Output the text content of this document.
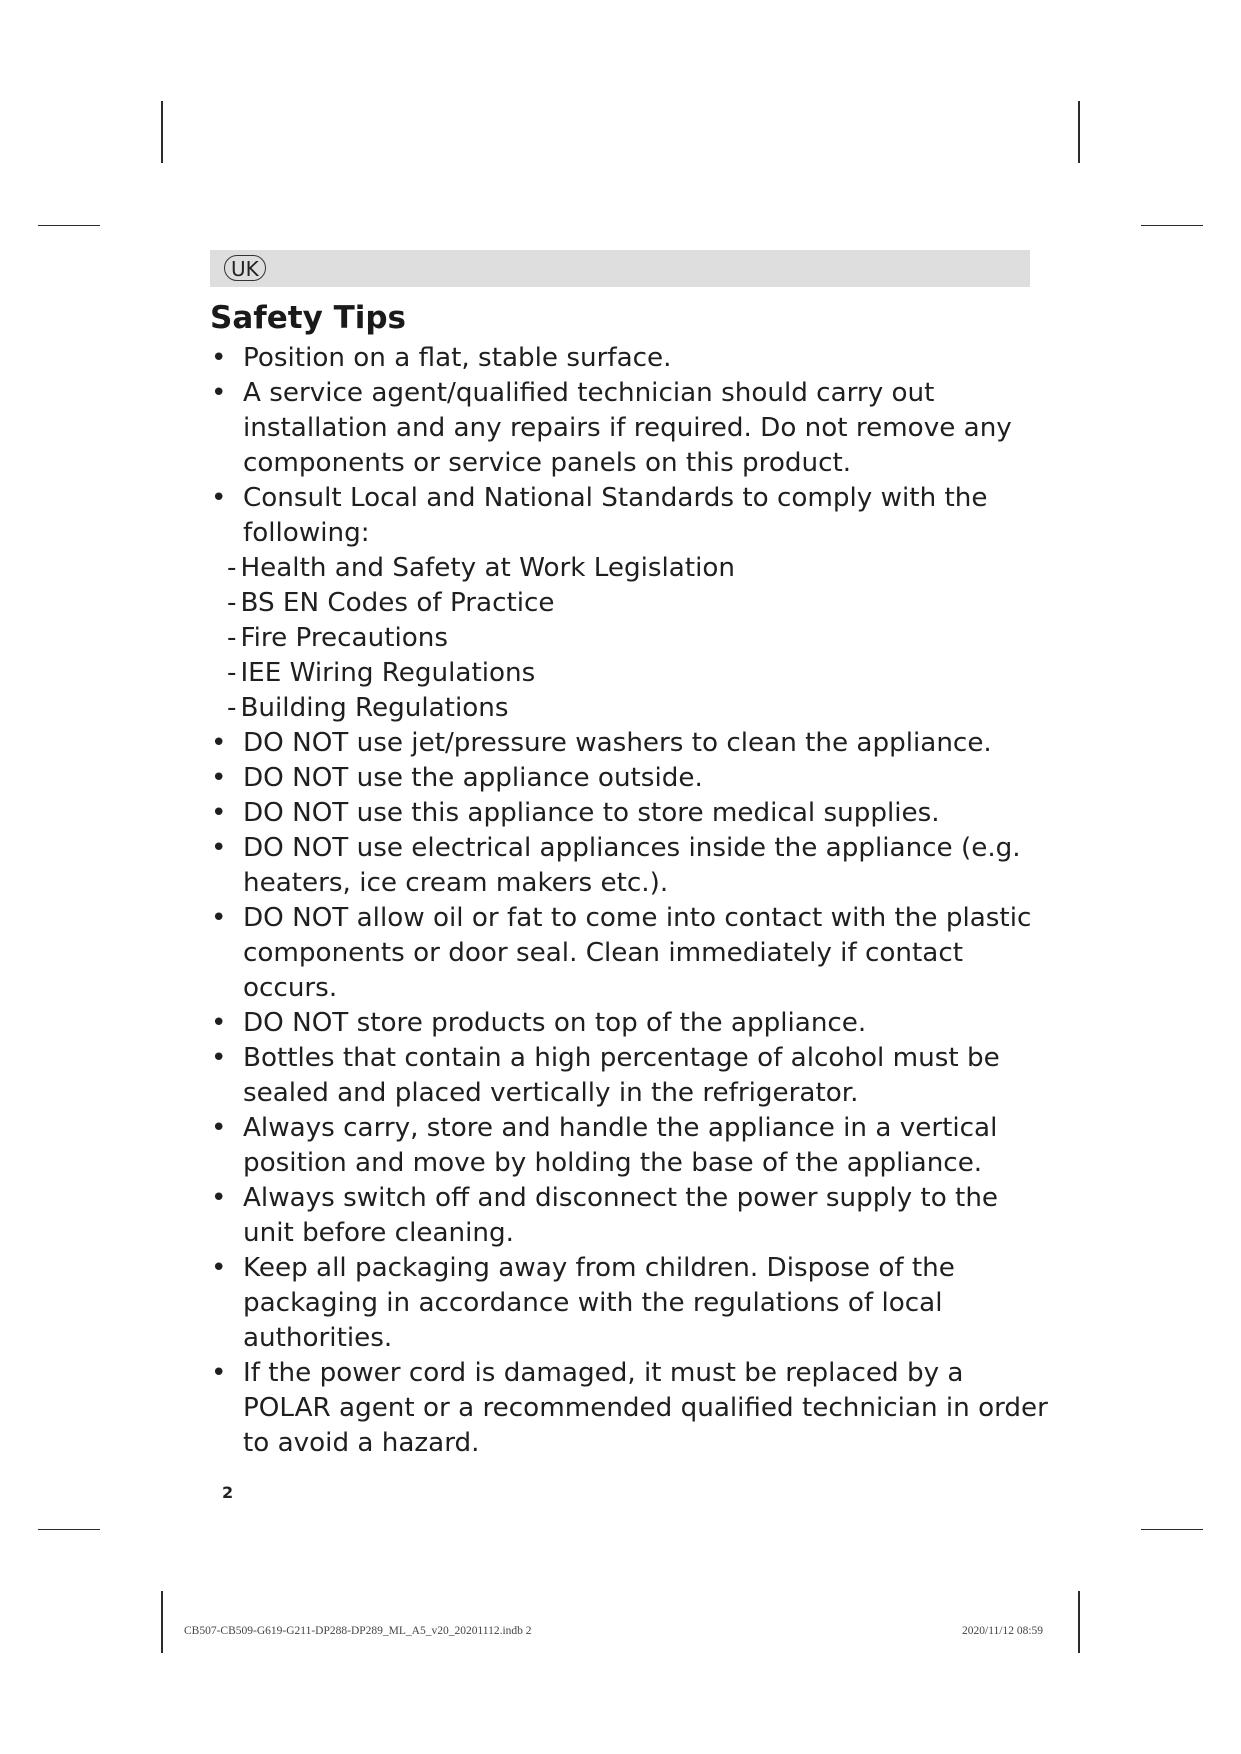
UK
Safety Tips
• Position on a flat, stable surface.
• A service agent/qualified technician should carry out installation and any repairs if required. Do not remove any components or service panels on this product.
• Consult Local and National Standards to comply with the following:
- Health and Safety at Work Legislation
- BS EN Codes of Practice
- Fire Precautions
- IEE Wiring Regulations
- Building Regulations
• DO NOT use jet/pressure washers to clean the appliance.
• DO NOT use the appliance outside.
• DO NOT use this appliance to store medical supplies.
• DO NOT use electrical appliances inside the appliance (e.g. heaters, ice cream makers etc.).
• DO NOT allow oil or fat to come into contact with the plastic components or door seal. Clean immediately if contact occurs.
• DO NOT store products on top of the appliance.
• Bottles that contain a high percentage of alcohol must be sealed and placed vertically in the refrigerator.
• Always carry, store and handle the appliance in a vertical position and move by holding the base of the appliance.
• Always switch off and disconnect the power supply to the unit before cleaning.
• Keep all packaging away from children. Dispose of the packaging in accordance with the regulations of local authorities.
• If the power cord is damaged, it must be replaced by a POLAR agent or a recommended qualified technician in order to avoid a hazard.
2
CB507-CB509-G619-G211-DP288-DP289_ML_A5_v20_20201112.indb 2	2020/11/12 08:59
